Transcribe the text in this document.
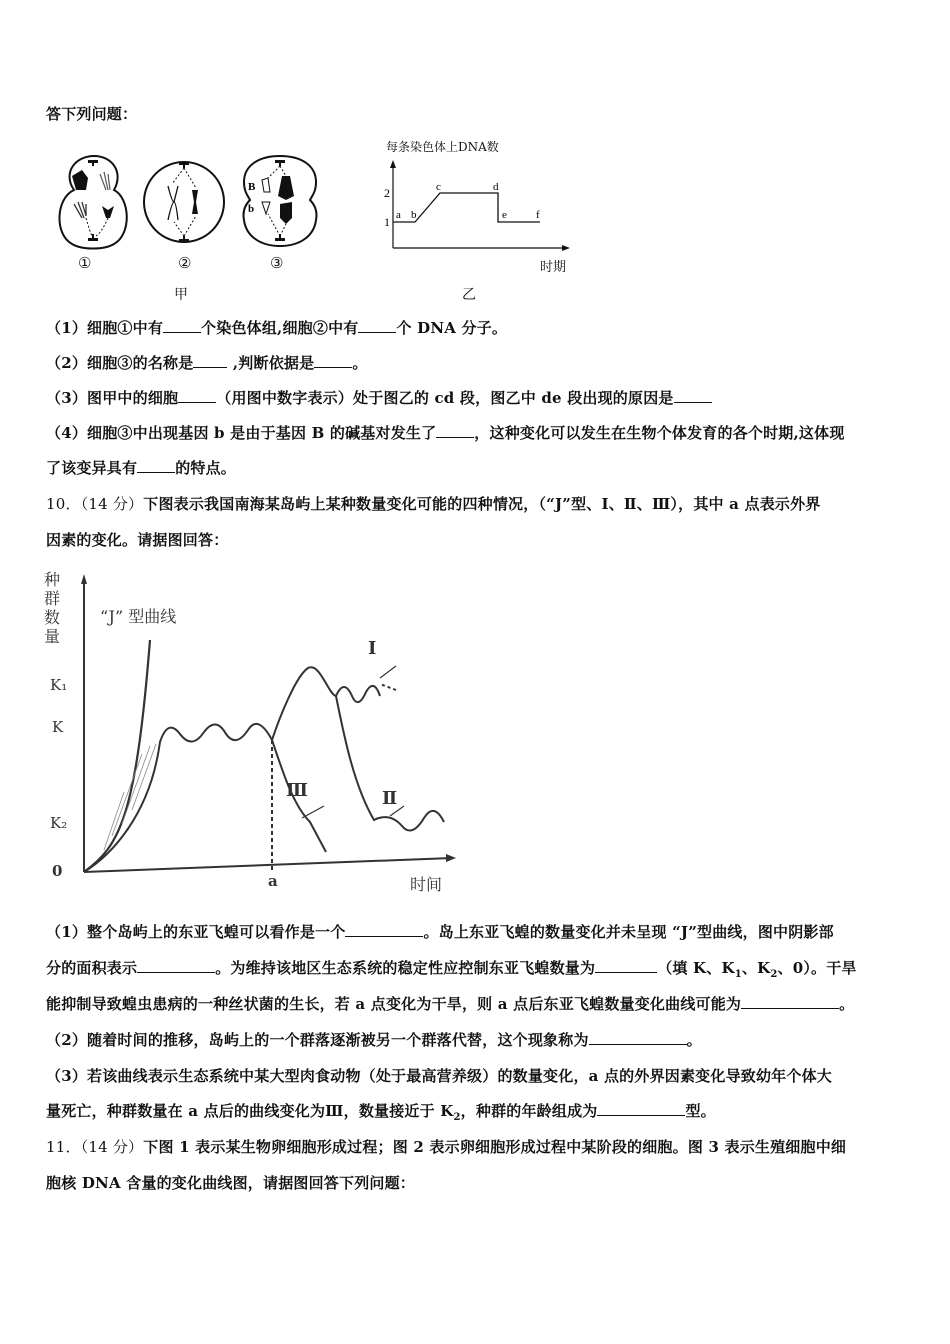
答下列问题：
B
b
①	②	③
甲
每条染色体上DNA数
2
1 a b
c	d
e	f
时期
乙
（1）细胞①中有	个染色体组,细胞②中有	个 DNA 分子。
（2）细胞③的名称是 ,判断依据是	。
（3）图甲中的细胞	（用图中数字表示）处于图乙的 cd 段，图乙中 de 段出现的原因是
（4）细胞③中出现基因 b 是由于基因 B 的碱基对发生了	，这种变化可以发生在生物个体发育的各个时期,这体现
了该变异具有	的特点。
10．（14 分）下图表示我国南海某岛屿上某种数量变化可能的四种情况，（“J”型、Ⅰ、Ⅱ、Ⅲ），其中 a 点表示外界
因素的变化。请据图回答：
种
群
数
量
“J” 型曲线
K₁
K
K₂
0
a	时间
Ⅰ
Ⅱ
Ⅲ
（1）整个岛屿上的东亚飞蝗可以看作是一个	。岛上东亚飞蝗的数量变化并未呈现 “J”型曲线，图中阴影部
分的面积表示	。为维持该地区生态系统的稳定性应控制东亚飞蝗数量为	（填 K、$K_1$、$K_2$、0）。干旱
能抑制导致蝗虫患病的一种丝状菌的生长，若 a 点变化为干旱，则 a 点后东亚飞蝗数量变化曲线可能为	。
（2）随着时间的推移，岛屿上的一个群落逐渐被另一个群落代替，这个现象称为	。
（3）若该曲线表示生态系统中某大型肉食动物（处于最高营养级）的数量变化，a 点的外界因素变化导致幼年个体大
量死亡，种群数量在 a 点后的曲线变化为Ⅲ，数量接近于 $K_2$，种群的年龄组成为	型。
11．（14 分）下图 1 表示某生物卵细胞形成过程；图 2 表示卵细胞形成过程中某阶段的细胞。图 3 表示生殖细胞中细
胞核 DNA 含量的变化曲线图，请据图回答下列问题：
